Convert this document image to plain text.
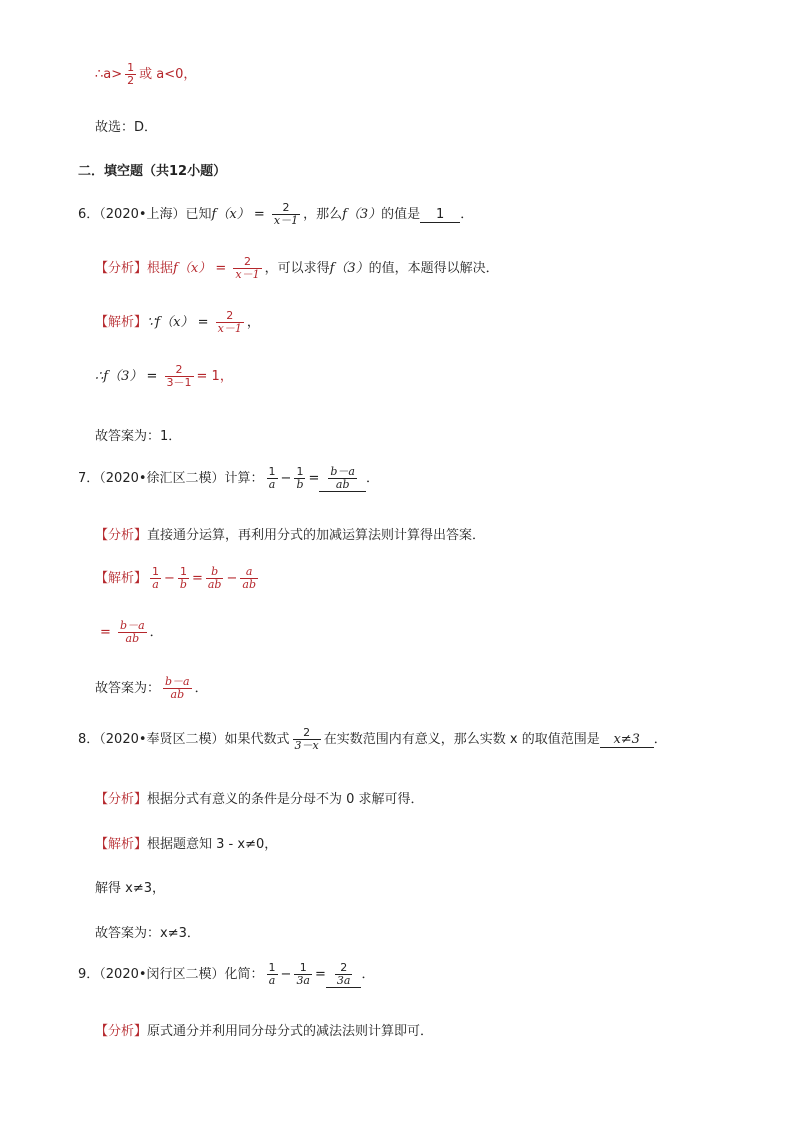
∴a> $\frac{1}{2}$ 或 a<0，
故选：D．
二．填空题（共12小题）
6．（2020•上海）已知$f(x) = \frac{2}{x-1}$ ，那么f（3）的值是 1 ．
【分析】根据$f(x) = \frac{2}{x-1}$ ，可以求得f（3）的值，本题得以解决．
【解析】∵f（x） = $\frac{2}{x-1}$ ，
∴f（3） = $\frac{2}{3-1} = 1$，
故答案为：1．
7．（2020•徐汇区二模）计算： $\frac{1}{a} - \frac{1}{b} = \frac{b-a}{ab}$ ．
【分析】直接通分运算，再利用分式的加减运算法则计算得出答案．
【解析】 $\frac{1}{a} - \frac{1}{b} = \frac{b}{ab} - \frac{a}{ab}$
= $\frac{b-a}{ab}$ ．
故答案为： $\frac{b-a}{ab}$ ．
8．（2020•奉贤区二模）如果代数式 $\frac{2}{3-x}$ 在实数范围内有意义，那么实数 x 的取值范围是 x≠3 ．
【分析】根据分式有意义的条件是分母不为 0 求解可得．
【解析】根据题意知 3 - x≠0，
解得 x≠3，
故答案为：x≠3．
9．（2020•闵行区二模）化简： $\frac{1}{a} - \frac{1}{3a} = \frac{2}{3a}$ ．
【分析】原式通分并利用同分母分式的减法法则计算即可．
